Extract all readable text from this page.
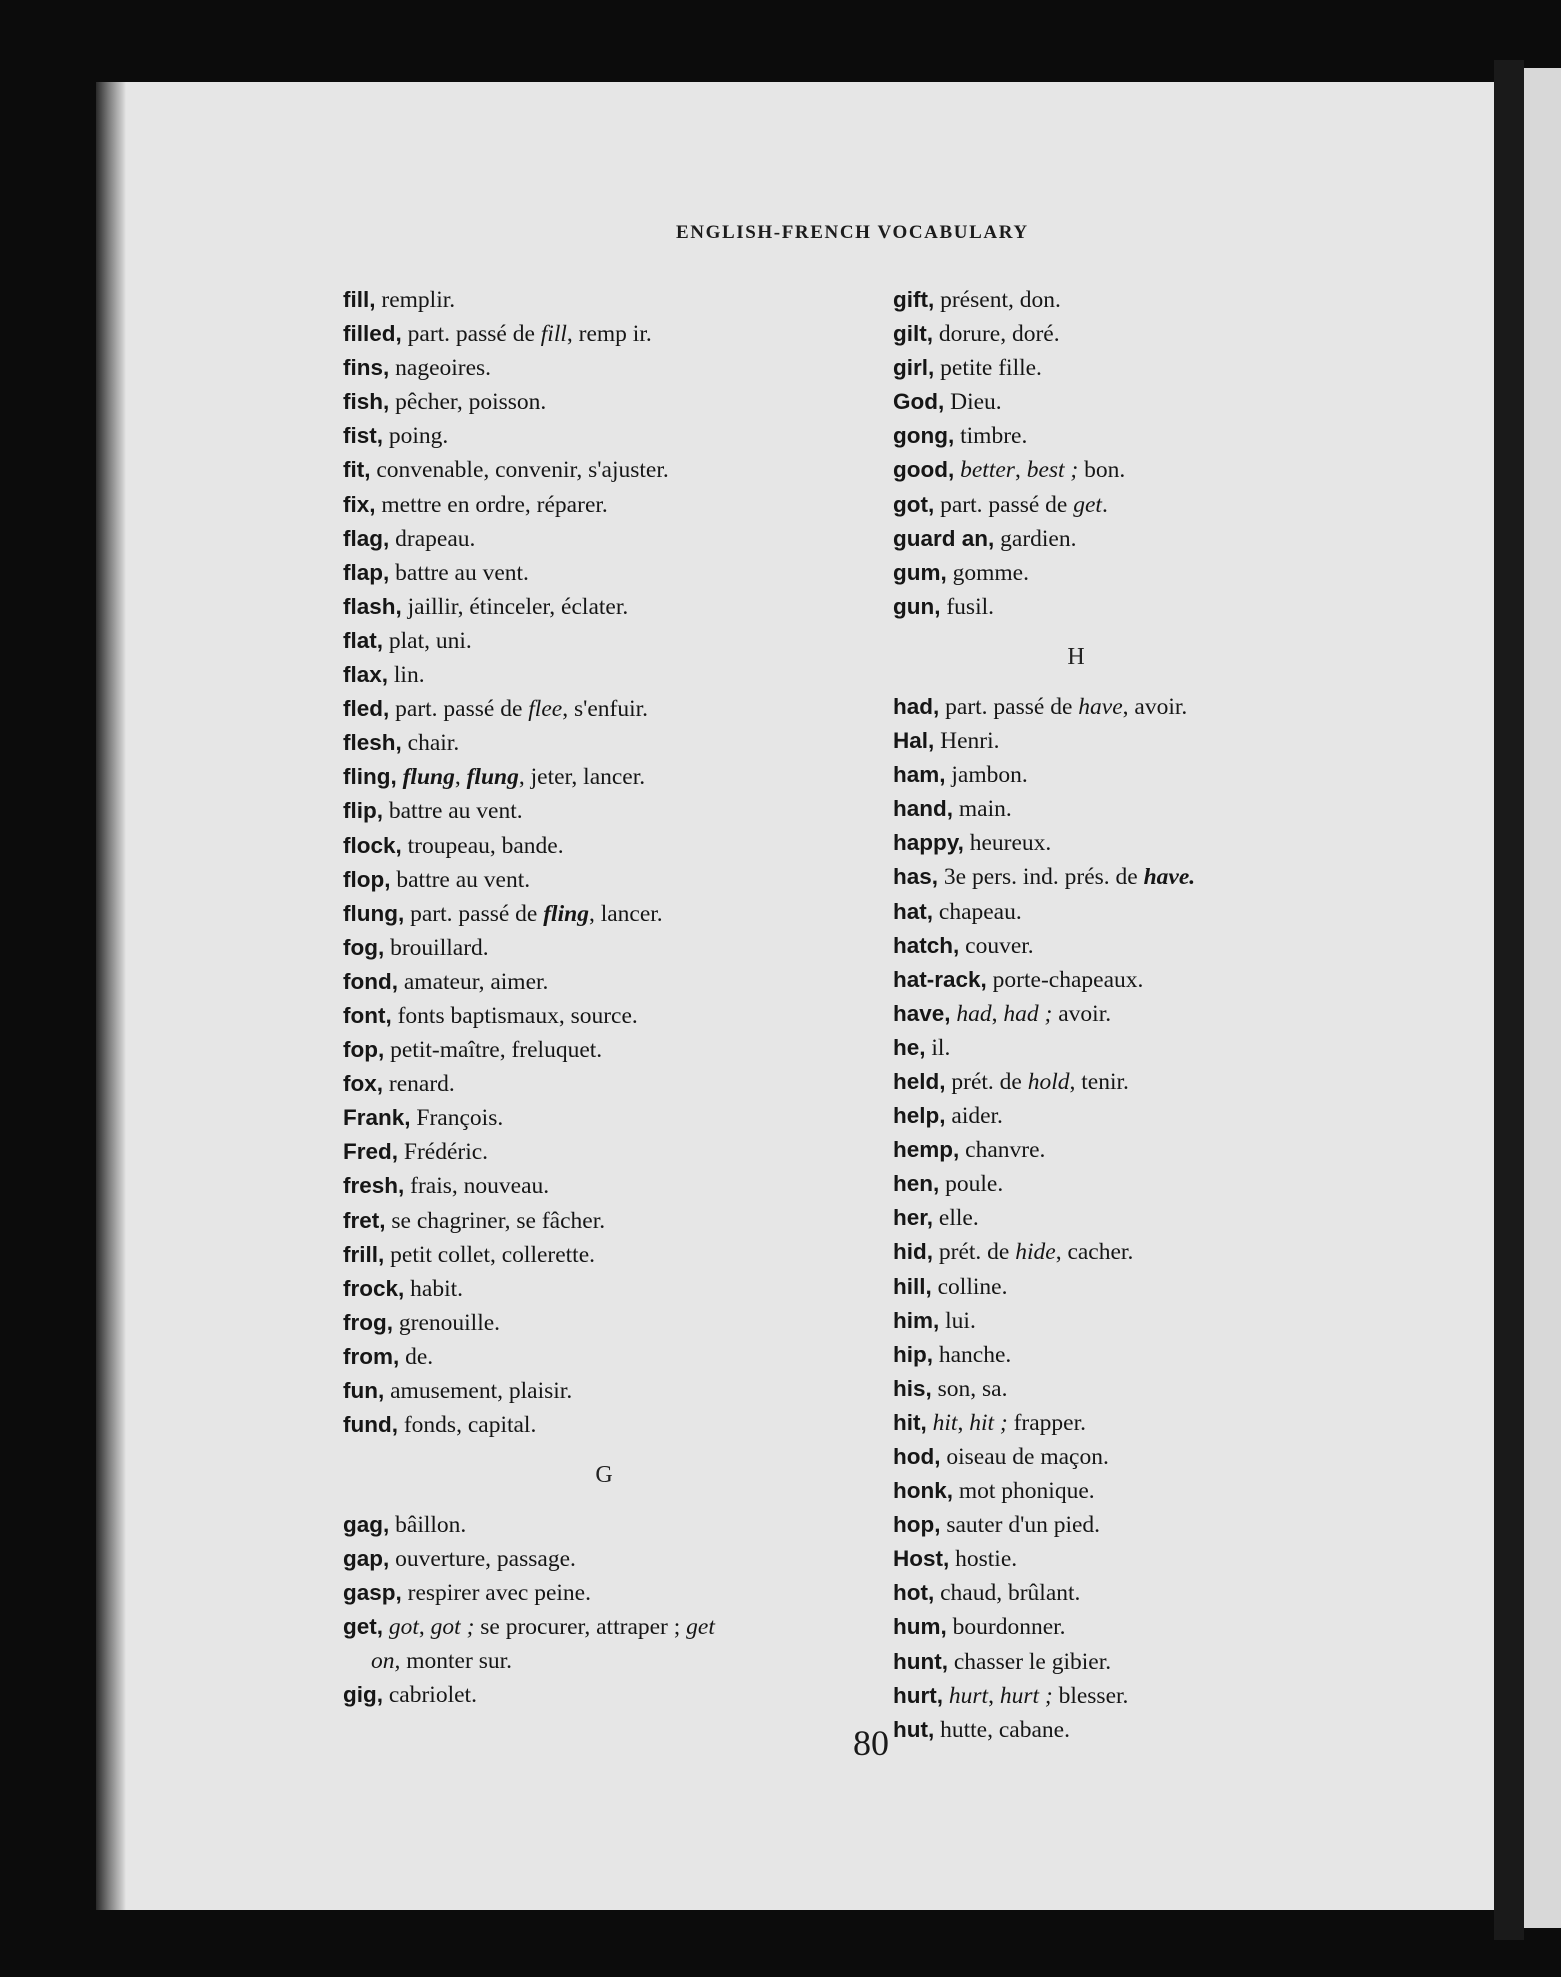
ENGLISH-FRENCH VOCABULARY
fill, remplir.
filled, part. passé de fill, remp ir.
fins, nageoires.
fish, pêcher, poisson.
fist, poing.
fit, convenable, convenir, s'ajuster.
fix, mettre en ordre, réparer.
flag, drapeau.
flap, battre au vent.
flash, jaillir, étinceler, éclater.
flat, plat, uni.
flax, lin.
fled, part. passé de flee, s'enfuir.
flesh, chair.
fling, flung, flung, jeter, lancer.
flip, battre au vent.
flock, troupeau, bande.
flop, battre au vent.
flung, part. passé de fling, lancer.
fog, brouillard.
fond, amateur, aimer.
font, fonts baptismaux, source.
fop, petit-maître, freluquet.
fox, renard.
Frank, François.
Fred, Frédéric.
fresh, frais, nouveau.
fret, se chagriner, se fâcher.
frill, petit collet, collerette.
frock, habit.
frog, grenouille.
from, de.
fun, amusement, plaisir.
fund, fonds, capital.
G
gag, bâillon.
gap, ouverture, passage.
gasp, respirer avec peine.
get, got, got ; se procurer, attraper ; get
on, monter sur.
gig, cabriolet.
gift, présent, don.
gilt, dorure, doré.
girl, petite fille.
God, Dieu.
gong, timbre.
good, better, best ; bon.
got, part. passé de get.
guard an, gardien.
gum, gomme.
gun, fusil.
H
had, part. passé de have, avoir.
Hal, Henri.
ham, jambon.
hand, main.
happy, heureux.
has, 3e pers. ind. prés. de have.
hat, chapeau.
hatch, couver.
hat-rack, porte-chapeaux.
have, had, had ; avoir.
he, il.
held, prét. de hold, tenir.
help, aider.
hemp, chanvre.
hen, poule.
her, elle.
hid, prét. de hide, cacher.
hill, colline.
him, lui.
hip, hanche.
his, son, sa.
hit, hit, hit ; frapper.
hod, oiseau de maçon.
honk, mot phonique.
hop, sauter d'un pied.
Host, hostie.
hot, chaud, brûlant.
hum, bourdonner.
hunt, chasser le gibier.
hurt, hurt, hurt ; blesser.
hut, hutte, cabane.
80
